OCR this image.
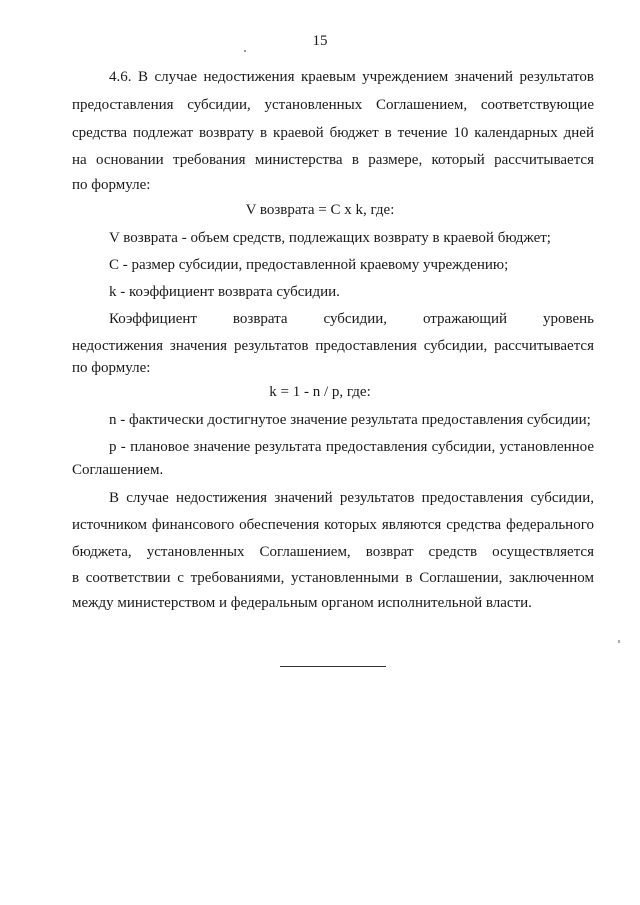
15
4.6. В случае недостижения краевым учреждением значений результатов
предоставления субсидии, установленных Соглашением, соответствующие
средства подлежат возврату в краевой бюджет в течение 10 календарных дней
на основании требования министерства в размере, который рассчитывается
по формуле:
V возврата = C x k, где:
V возврата - объем средств, подлежащих возврату в краевой бюджет;
C - размер субсидии, предоставленной краевому учреждению;
k - коэффициент возврата субсидии.
Коэффициент возврата субсидии, отражающий уровень
недостижения значения результатов предоставления субсидии, рассчитывается
по формуле:
k = 1 - n / p, где:
n - фактически достигнутое значение результата предоставления субсидии;
p - плановое значение результата предоставления субсидии, установленное
Соглашением.
В случае недостижения значений результатов предоставления субсидии,
источником финансового обеспечения которых являются средства федерального
бюджета, установленных Соглашением, возврат средств осуществляется
в соответствии с требованиями, установленными в Соглашении, заключенном
между министерством и федеральным органом исполнительной власти.
